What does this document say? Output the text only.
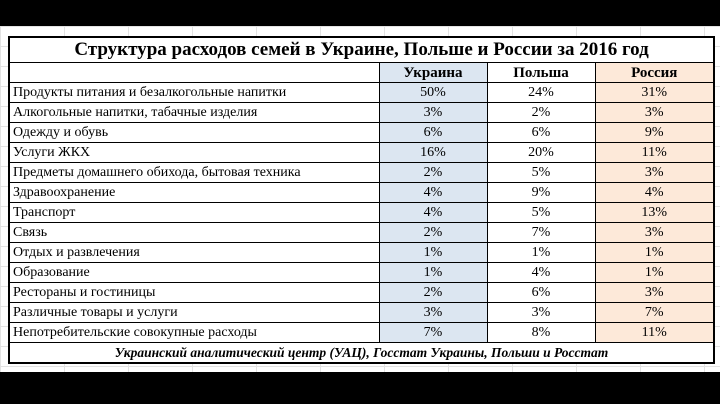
Структура расходов семей в Украине, Польше и России за 2016 год			
	Украина	Польша	Россия
Продукты питания и безалкогольные напитки	50%	24%	31%
Алкогольные напитки, табачные изделия	3%	2%	3%
Одежду и обувь	6%	6%	9%
Услуги ЖКХ	16%	20%	11%
Предметы домашнего обихода, бытовая техника	2%	5%	3%
Здравоохранение	4%	9%	4%
Транспорт	4%	5%	13%
Связь	2%	7%	3%
Отдых и развлечения	1%	1%	1%
Образование	1%	4%	1%
Рестораны и гостиницы	2%	6%	3%
Различные товары и услуги	3%	3%	7%
Непотребительские совокупные расходы	7%	8%	11%
Украинский аналитический центр (УАЦ), Госстат Украины, Польши и Росстат			
